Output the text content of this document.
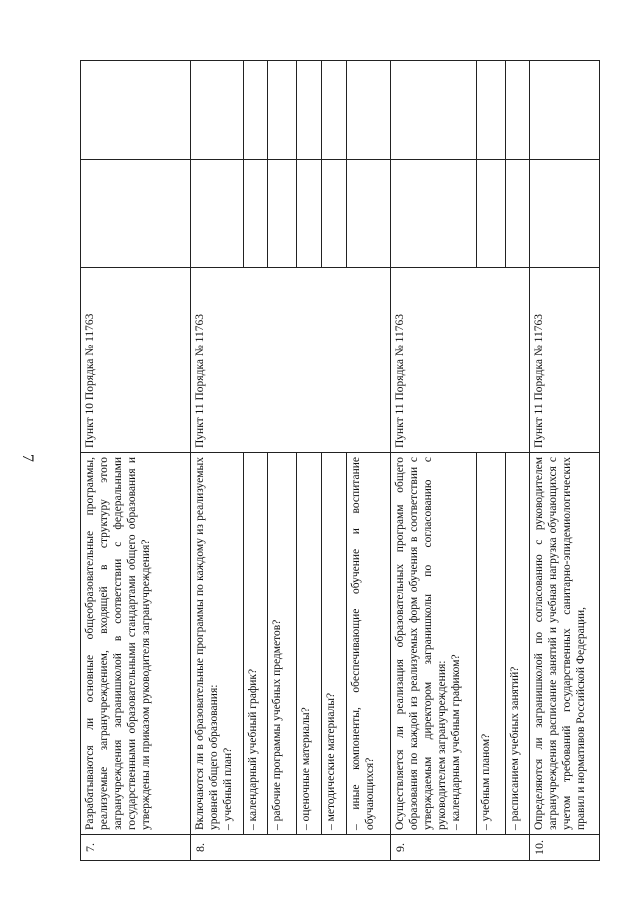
7
7.	Разрабатываются ли основные общеобразовательные программы, реализуемые загранучреждением, входящей в структуру этого загранучреждения загранишколой в соответствии с федеральными государственными образовательными стандартами общего образования и утверждены ли приказом руководителя загранучреждения?	Пункт 10 Порядка № 11763		
8.	Включаются ли в образовательные программы по каждому из реализуемых уровней общего образования: – учебный план?	Пункт 11 Порядка № 11763		
	– календарный учебный график?			
	– рабочие программы учебных предметов?			
	– оценочные материалы?			
	– методические материалы?			
	– иные компоненты, обеспечивающие обучение и воспитание обучающихся?			
9.	Осуществляется ли реализация образовательных программ общего образования по каждой из реализуемых форм обучения в соответствии с утверждаемым директором загранишколы по согласованию с руководителем загранучреждения: – календарным учебным графиком?	Пункт 11 Порядка № 11763		
	– учебным планом?			
	– расписанием учебных занятий?			
10.	Определяются ли загранишколой по согласованию с руководителем загранучреждения расписание занятий и учебная нагрузка обучающихся с учетом требований государственных санитарно-эпидемиологических правил и нормативов Российской Федерации,	Пункт 11 Порядка № 11763		
